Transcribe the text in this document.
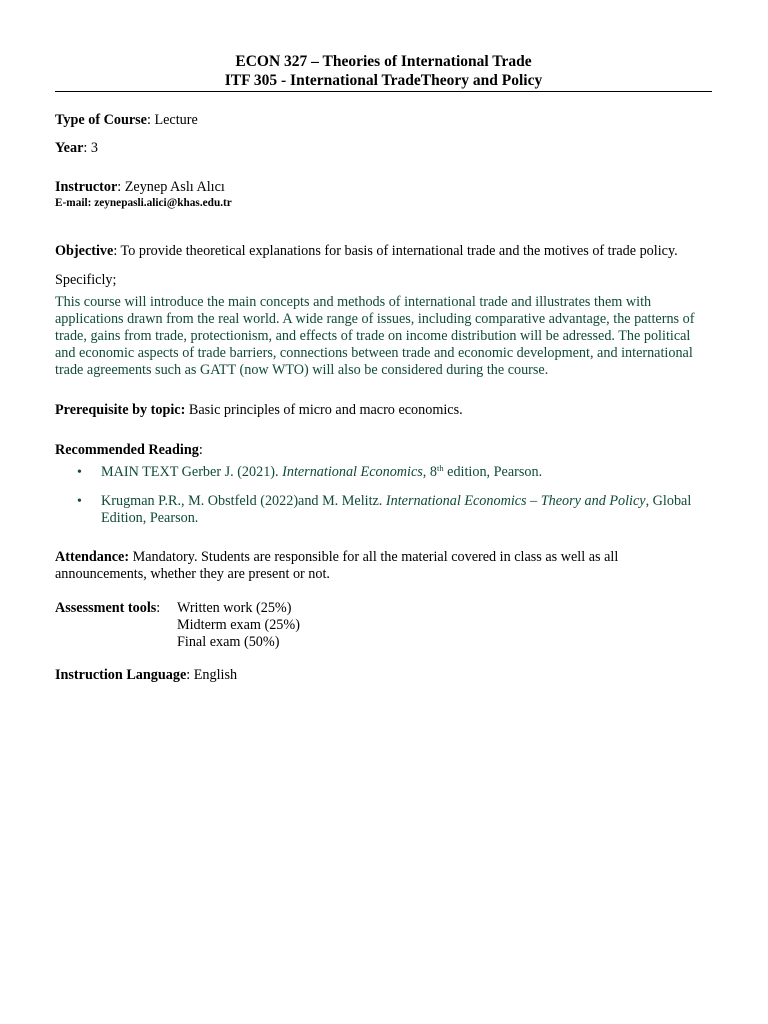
ECON 327 – Theories of International Trade
ITF 305 - International TradeTheory and Policy

Type of Course: Lecture

Year: 3

Instructor: Zeynep Aslı Alıcı

E-mail: zeynepasli.alici@khas.edu.tr

Objective: To provide theoretical explanations for basis of international trade and the motives of trade policy.

Specificly;

This course will introduce the main concepts and methods of international trade and illustrates them with applications drawn from the real world. A wide range of issues, including comparative advantage, the patterns of trade, gains from trade, protectionism, and effects of trade on income distribution will be adressed. The political and economic aspects of trade barriers, connections between trade and economic development, and international trade agreements such as GATT (now WTO) will also be considered during the course.

Prerequisite by topic: Basic principles of micro and macro economics.

Recommended Reading:

• MAIN TEXT Gerber J. (2021). International Economics, 8th edition, Pearson.
• Krugman P.R., M. Obstfeld (2022)and M. Melitz. International Economics – Theory and Policy, Global Edition, Pearson.

Attendance: Mandatory. Students are responsible for all the material covered in class as well as all announcements, whether they are present or not.

Assessment tools:	Written work (25%)
Midterm exam (25%)
Final exam (50%)

Instruction Language: English
